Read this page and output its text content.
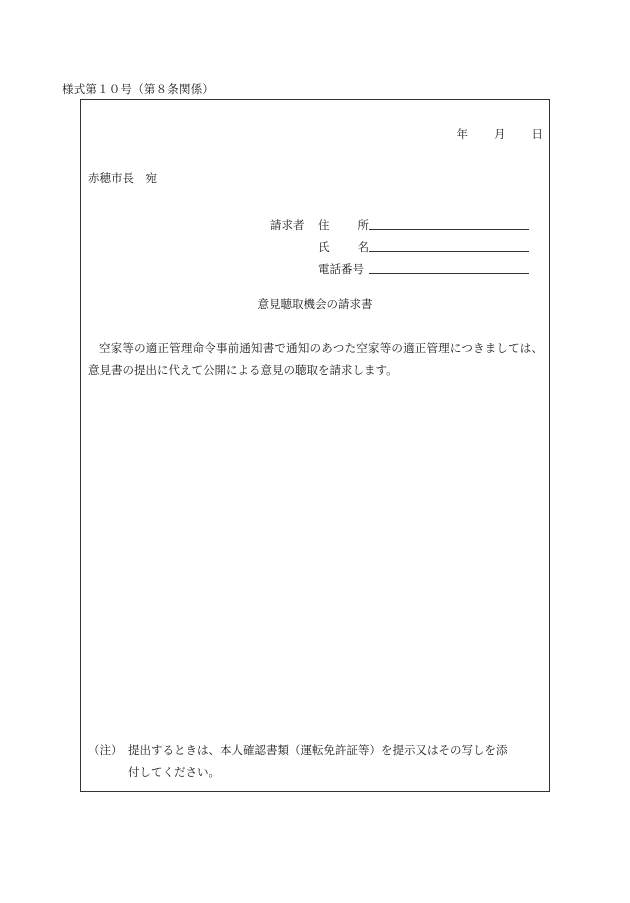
様式第１０号（第８条関係）
年 月 日
赤穂市長　宛
請求者	住 所
氏 名
電話番号
意見聴取機会の請求書
空家等の適正管理命令事前通知書で通知のあつた空家等の適正管理につきましては、意見書の提出に代えて公開による意見の聴取を請求します。
（注） 提出するときは、本人確認書類（運転免許証等）を提示又はその写しを添
付してください。
